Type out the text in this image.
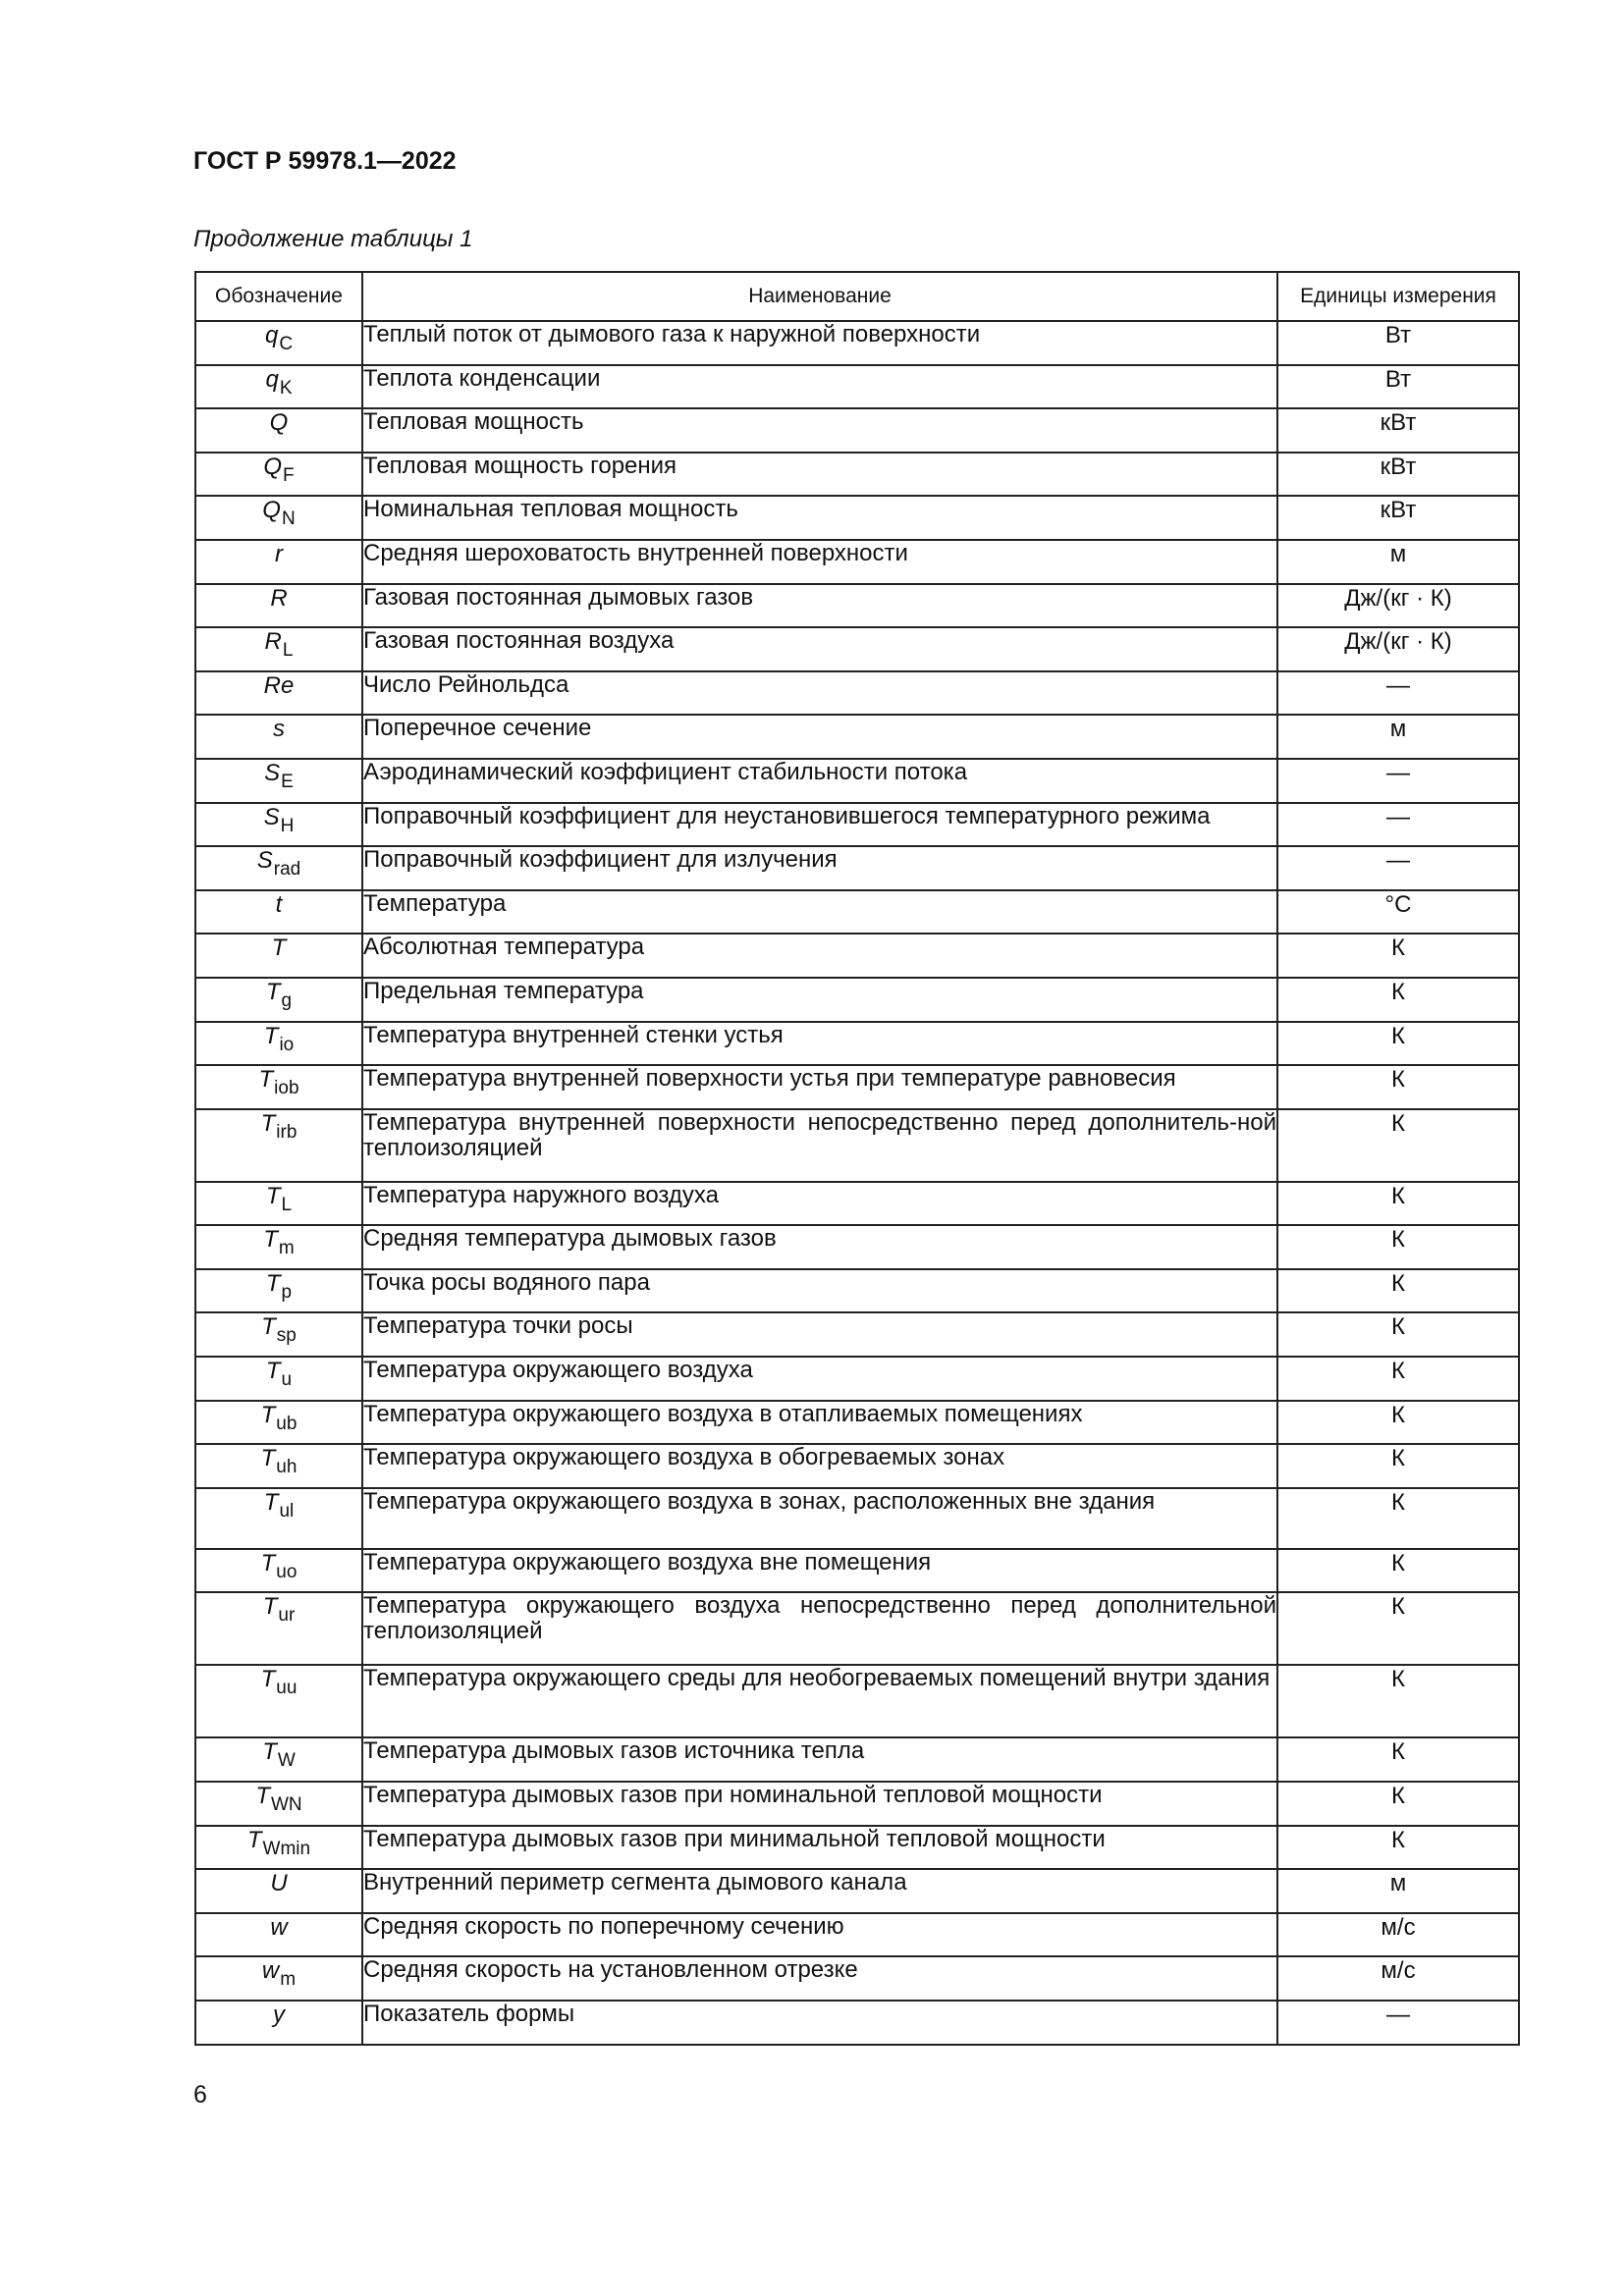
ГОСТ Р 59978.1—2022
Продолжение таблицы 1
Обозначение	Наименование	Единицы измерения
$q_C$	Теплый поток от дымового газа к наружной поверхности	Вт
$q_K$	Теплота конденсации	Вт
Q	Тепловая мощность	кВт
$Q_F$	Тепловая мощность горения	кВт
$Q_N$	Номинальная тепловая мощность	кВт
r	Средняя шероховатость внутренней поверхности	м
R	Газовая постоянная дымовых газов	Дж/(кг · К)
$R_L$	Газовая постоянная воздуха	Дж/(кг · К)
Re	Число Рейнольдса	—
s	Поперечное сечение	м
$S_E$	Аэродинамический коэффициент стабильности потока	—
$S_H$	Поправочный коэффициент для неустановившегося температурного режима	—
$S_{rad}$	Поправочный коэффициент для излучения	—
t	Температура	°С
T	Абсолютная температура	К
$T_g$	Предельная температура	К
$T_{io}$	Температура внутренней стенки устья	К
$T_{iob}$	Температура внутренней поверхности устья при температуре равновесия	К
$T_{irb}$	Температура внутренней поверхности непосредственно перед дополнитель-ной теплоизоляцией	К
$T_L$	Температура наружного воздуха	К
$T_m$	Средняя температура дымовых газов	К
$T_p$	Точка росы водяного пара	К
$T_{sp}$	Температура точки росы	К
$T_u$	Температура окружающего воздуха	К
$T_{ub}$	Температура окружающего воздуха в отапливаемых помещениях	К
$T_{uh}$	Температура окружающего воздуха в обогреваемых зонах	К
$T_{ul}$	Температура окружающего воздуха в зонах, расположенных вне здания	К
$T_{uo}$	Температура окружающего воздуха вне помещения	К
$T_{ur}$	Температура окружающего воздуха непосредственно перед дополнительной теплоизоляцией	К
$T_{uu}$	Температура окружающего среды для необогреваемых помещений внутри здания	К
$T_W$	Температура дымовых газов источника тепла	К
$T_{WN}$	Температура дымовых газов при номинальной тепловой мощности	К
$T_{Wmin}$	Температура дымовых газов при минимальной тепловой мощности	К
U	Внутренний периметр сегмента дымового канала	м
w	Средняя скорость по поперечному сечению	м/с
$w_m$	Средняя скорость на установленном отрезке	м/с
y	Показатель формы	—
6
